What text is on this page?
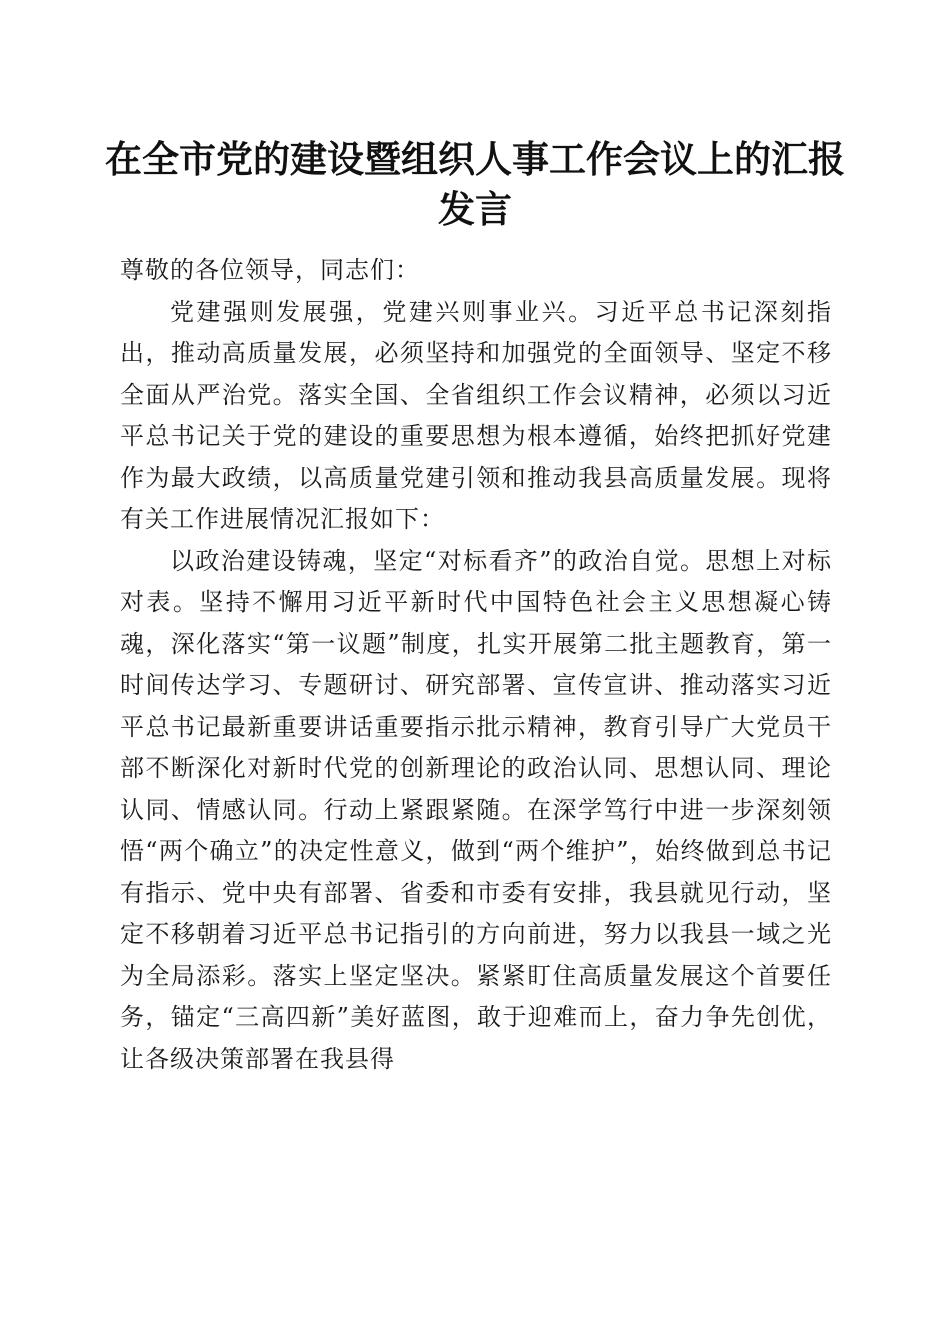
在全市党的建设暨组织人事工作会议上的汇报发言

尊敬的各位领导，同志们：

党建强则发展强，党建兴则事业兴。习近平总书记深刻指出，推动高质量发展，必须坚持和加强党的全面领导、坚定不移全面从严治党。落实全国、全省组织工作会议精神，必须以习近平总书记关于党的建设的重要思想为根本遵循，始终把抓好党建作为最大政绩，以高质量党建引领和推动我县高质量发展。现将有关工作进展情况汇报如下：

以政治建设铸魂，坚定“对标看齐”的政治自觉。思想上对标对表。坚持不懈用习近平新时代中国特色社会主义思想凝心铸魂，深化落实“第一议题”制度，扎实开展第二批主题教育，第一时间传达学习、专题研讨、研究部署、宣传宣讲、推动落实习近平总书记最新重要讲话重要指示批示精神，教育引导广大党员干部不断深化对新时代党的创新理论的政治认同、思想认同、理论认同、情感认同。行动上紧跟紧随。在深学笃行中进一步深刻领悟“两个确立”的决定性意义，做到“两个维护”，始终做到总书记有指示、党中央有部署、省委和市委有安排，我县就见行动，坚定不移朝着习近平总书记指引的方向前进，努力以我县一域之光为全局添彩。落实上坚定坚决。紧紧盯住高质量发展这个首要任务，锚定“三高四新”美好蓝图，敢于迎难而上，奋力争先创优，让各级决策部署在我县得
